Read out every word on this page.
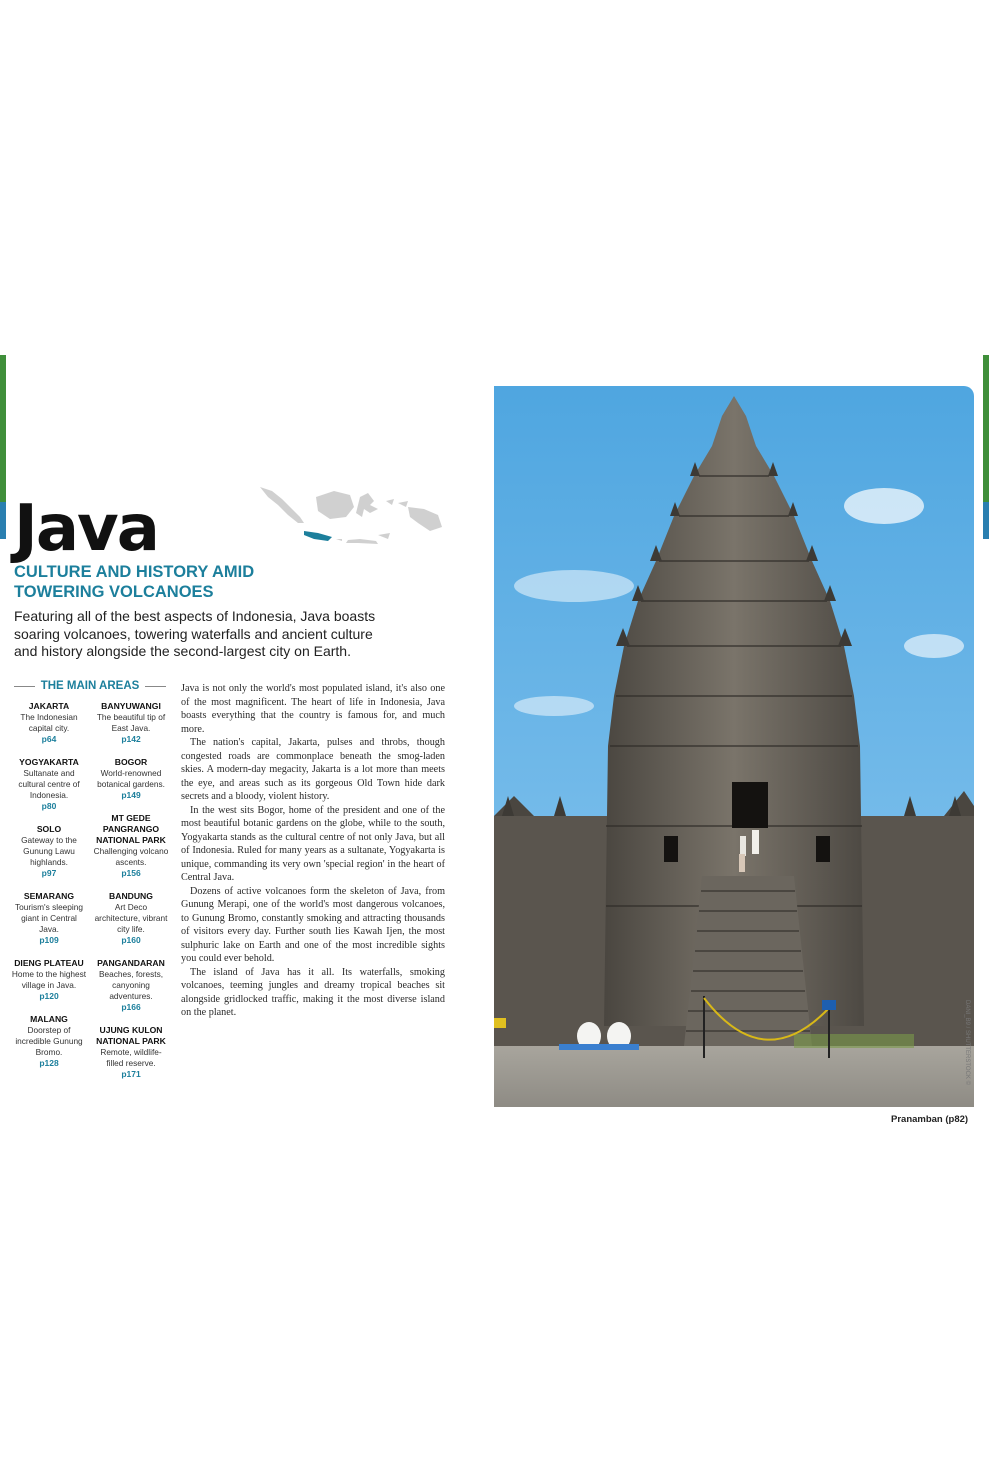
Java

CULTURE AND HISTORY AMID TOWERING VOLCANOES

Featuring all of the best aspects of Indonesia, Java boasts soaring volcanoes, towering waterfalls and ancient culture and history alongside the second-largest city on Earth.

THE MAIN AREAS
JAKARTA
The Indonesian capital city.
p64
YOGYAKARTA
Sultanate and cultural centre of Indonesia.
p80
SOLO
Gateway to the Gunung Lawu highlands.
p97
SEMARANG
Tourism's sleeping giant in Central Java.
p109
DIENG PLATEAU
Home to the highest village in Java.
p120
MALANG
Doorstep of incredible Gunung Bromo.
p128
BANYUWANGI
The beautiful tip of East Java.
p142
BOGOR
World-renowned botanical gardens.
p149
MT GEDE PANGRANGO NATIONAL PARK
Challenging volcano ascents.
p156
BANDUNG
Art Deco architecture, vibrant city life.
p160
PANGANDARAN
Beaches, forests, canyoning adventures.
p166
UJUNG KULON NATIONAL PARK
Remote, wildlife-filled reserve.
p171

Java is not only the world's most populated island, it's also one of the most magnificent. The heart of life in Indonesia, Java boasts everything that the country is famous for, and much more.

The nation's capital, Jakarta, pulses and throbs, though congested roads are commonplace beneath the smog-laden skies. A modern-day megacity, Jakarta is a lot more than meets the eye, and areas such as its gorgeous Old Town hide dark secrets and a bloody, violent history.

In the west sits Bogor, home of the president and one of the most beautiful botanic gardens on the globe, while to the south, Yogyakarta stands as the cultural centre of not only Java, but all of Indonesia. Ruled for many years as a sultanate, Yogyakarta is unique, commanding its very own 'special region' in the heart of Central Java.

Dozens of active volcanoes form the skeleton of Java, from Gunung Merapi, one of the world's most dangerous volcanoes, to Gunung Bromo, constantly smoking and attracting thousands of visitors every day. Further south lies Kawah Ijen, the most sulphuric lake on Earth and one of the most incredible sights you could ever behold.

The island of Java has it all. Its waterfalls, smoking volcanoes, teeming jungles and dreamy tropical beaches sit alongside gridlocked traffic, making it the most diverse island on the planet.	DANI_B9 / SHUTTERSTOCK ©
Pranamban (p82)
